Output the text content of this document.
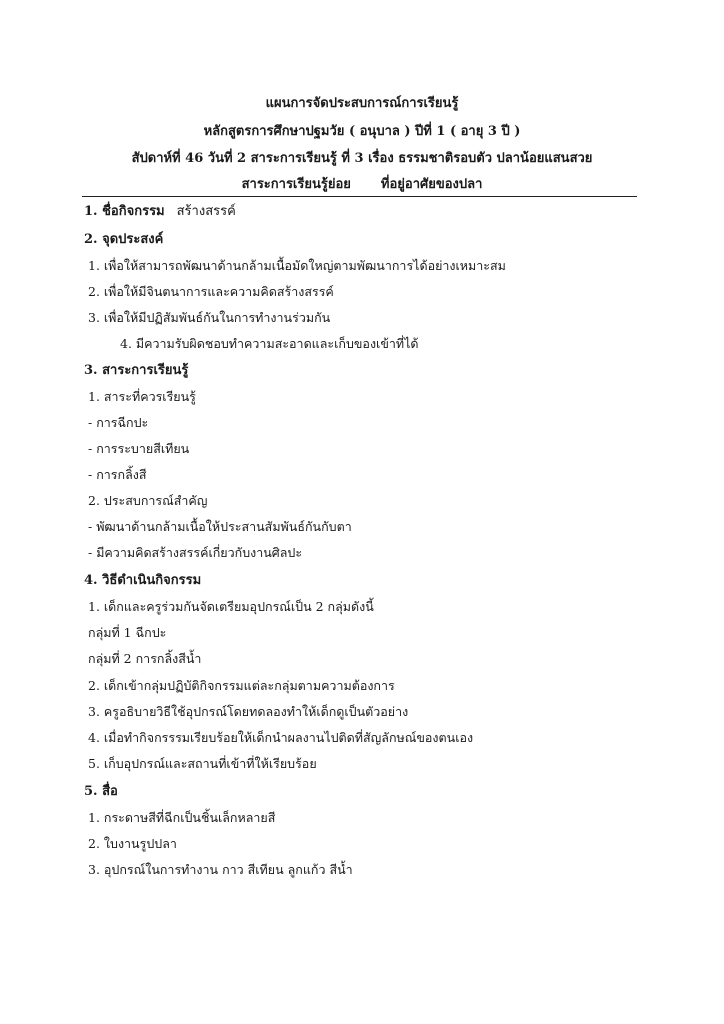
แผนการจัดประสบการณ์การเรียนรู้
หลักสูตรการศึกษาปฐมวัย ( อนุบาล ) ปีที่ 1 ( อายุ 3 ปี )
สัปดาห์ที่ 46 วันที่ 2 สาระการเรียนรู้ ที่ 3 เรื่อง ธรรมชาติรอบตัว ปลาน้อยแสนสวย
สาระการเรียนรู้ย่อย ที่อยู่อาศัยของปลา
1. ชื่อกิจกรรม สร้างสรรค์
2. จุดประสงค์
1. เพื่อให้สามารถพัฒนาด้านกล้ามเนื้อมัดใหญ่ตามพัฒนาการได้อย่างเหมาะสม
2. เพื่อให้มีจินตนาการและความคิดสร้างสรรค์
3. เพื่อให้มีปฏิสัมพันธ์กันในการทำงานร่วมกัน
4. มีความรับผิดชอบทำความสะอาดและเก็บของเข้าที่ได้
3. สาระการเรียนรู้
1. สาระที่ควรเรียนรู้
- การฉีกปะ
- การระบายสีเทียน
- การกลิ้งสี
2. ประสบการณ์สำคัญ
- พัฒนาด้านกล้ามเนื้อให้ประสานสัมพันธ์กันกับตา
- มีความคิดสร้างสรรค์เกี่ยวกับงานศิลปะ
4. วิธีดำเนินกิจกรรม
1. เด็กและครูร่วมกันจัดเตรียมอุปกรณ์เป็น 2 กลุ่มดังนี้
กลุ่มที่ 1 ฉีกปะ
กลุ่มที่ 2 การกลิ้งสีน้ำ
2. เด็กเข้ากลุ่มปฏิบัติกิจกรรมแต่ละกลุ่มตามความต้องการ
3. ครูอธิบายวิธีใช้อุปกรณ์โดยทดลองทำให้เด็กดูเป็นตัวอย่าง
4. เมื่อทำกิจกรรรมเรียบร้อยให้เด็กนำผลงานไปติดที่สัญลักษณ์ของตนเอง
5. เก็บอุปกรณ์และสถานที่เข้าที่ให้เรียบร้อย
5. สื่อ
1. กระดาษสีที่ฉีกเป็นชิ้นเล็กหลายสี
2. ใบงานรูปปลา
3. อุปกรณ์ในการทำงาน กาว สีเทียน ลูกแก้ว สีน้ำ
